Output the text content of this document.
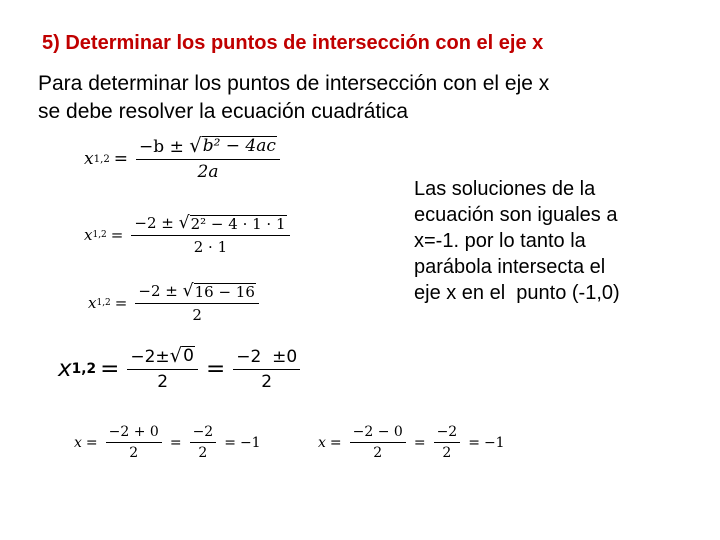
5) Determinar los puntos de intersección con el eje x
Para determinar los puntos de intersección con el eje x
se debe resolver la ecuación cuadrática
x $1,2 = \frac{\text{−b ± √ b² − 4ac}}{2a}$
x $1,2 = \frac{\text{−2 ± √ 2² − 4 · 1 · 1}}{2 \cdot 1}$
x $1,2 = \frac{-2 \pm √ 16 - 16}{2}$
x $1,2 = \frac{-2\pm √ 0}{2} = \frac{-2 \pm 0}{2}$
$x = \frac{-2 + 0}{2} = \frac{-2}{2} = -1$	$x = \frac{-2 - 0}{2} = \frac{-2}{2} = -1$
Las soluciones de la
ecuación son iguales a
x=-1. por lo tanto la
parábola intersecta el
eje x en el  punto (-1,0)
